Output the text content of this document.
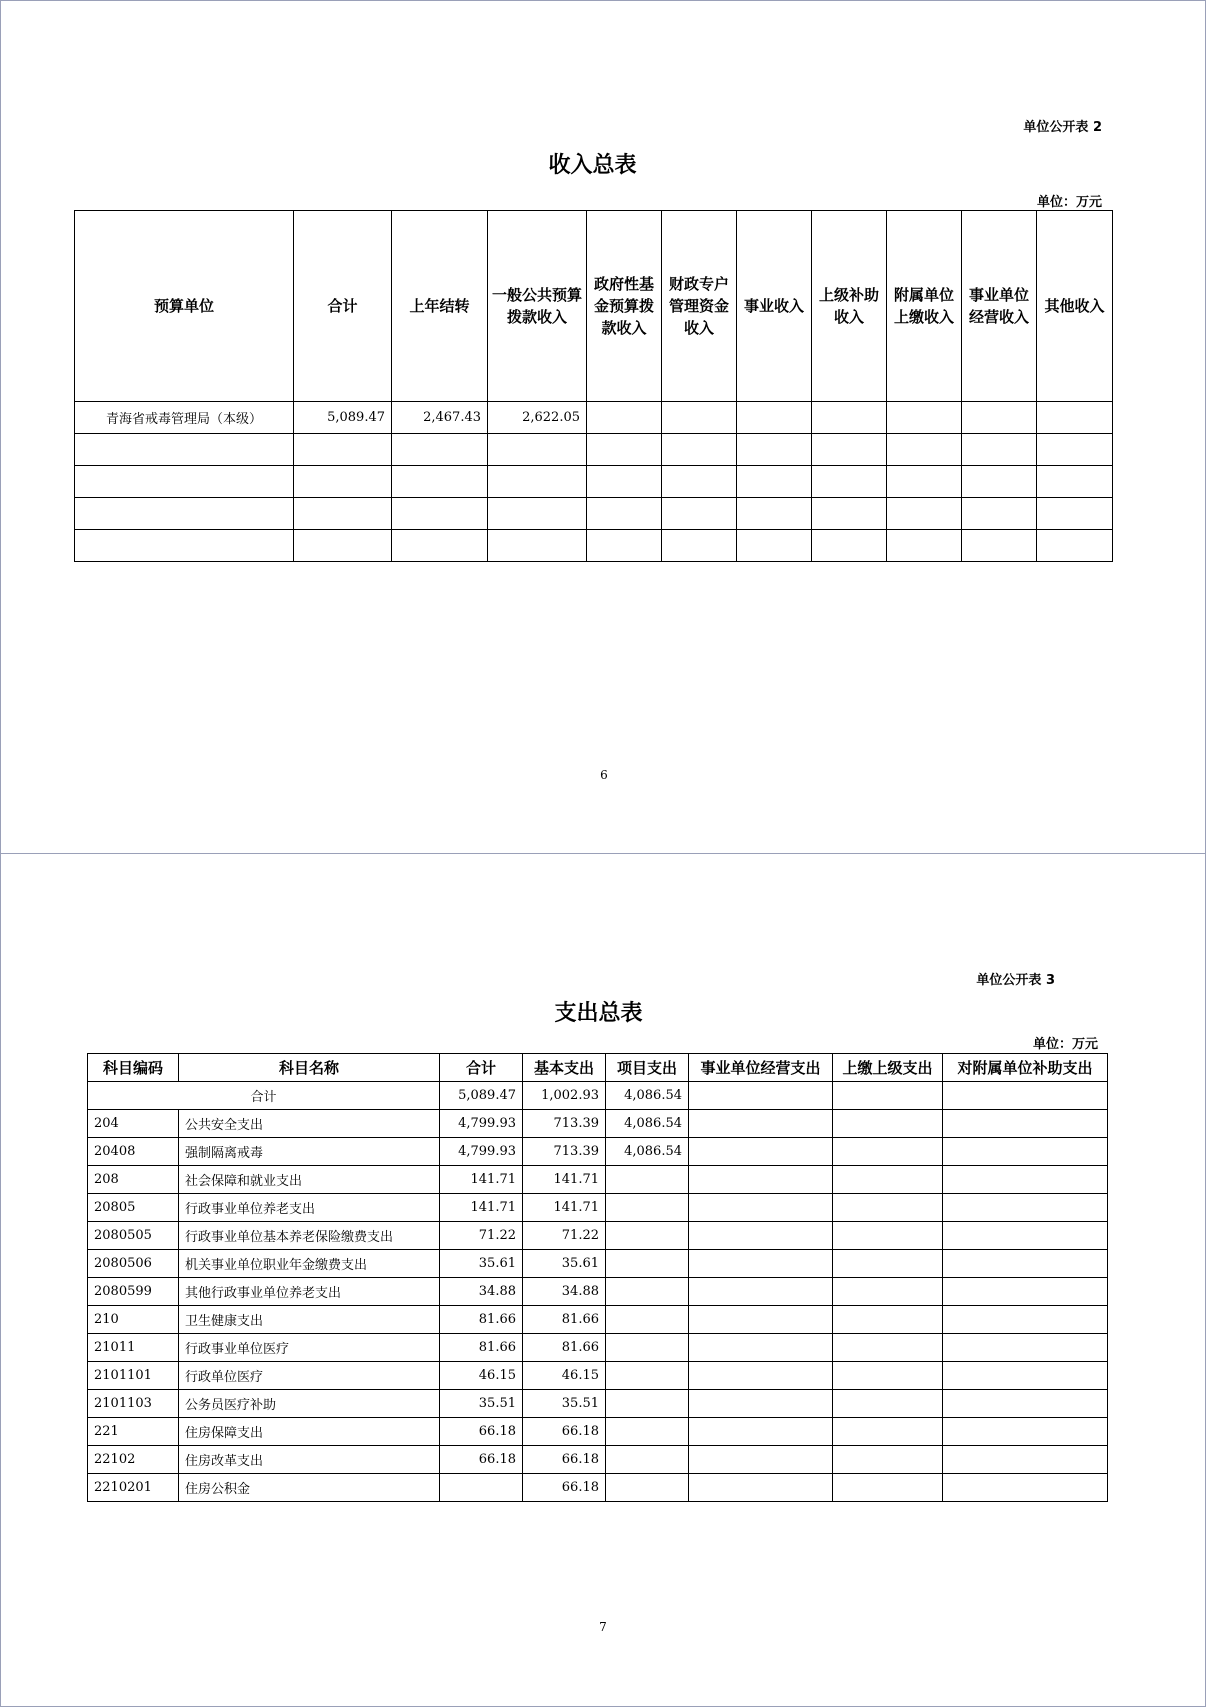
单位公开表 2
收入总表
单位：万元
预算单位	合计	上年结转	一般公共预算拨款收入	政府性基金预算拨款收入	财政专户管理资金收入	事业收入	上级补助收入	附属单位上缴收入	事业单位经营收入	其他收入
青海省戒毒管理局（本级）	5,089.47	2,467.43	2,622.05							

6
单位公开表 3
支出总表
单位：万元
科目编码	科目名称	合计	基本支出	项目支出	事业单位经营支出	上缴上级支出	对附属单位补助支出
合计		5,089.47	1,002.93	4,086.54			
204	公共安全支出	4,799.93	713.39	4,086.54			
20408	强制隔离戒毒	4,799.93	713.39	4,086.54			
208	社会保障和就业支出	141.71	141.71				
20805	行政事业单位养老支出	141.71	141.71				
2080505	行政事业单位基本养老保险缴费支出	71.22	71.22				
2080506	机关事业单位职业年金缴费支出	35.61	35.61				
2080599	其他行政事业单位养老支出	34.88	34.88				
210	卫生健康支出	81.66	81.66				
21011	行政事业单位医疗	81.66	81.66				
2101101	行政单位医疗	46.15	46.15				
2101103	公务员医疗补助	35.51	35.51				
221	住房保障支出	66.18	66.18				
22102	住房改革支出	66.18	66.18				
2210201	住房公积金		66.18				
7
